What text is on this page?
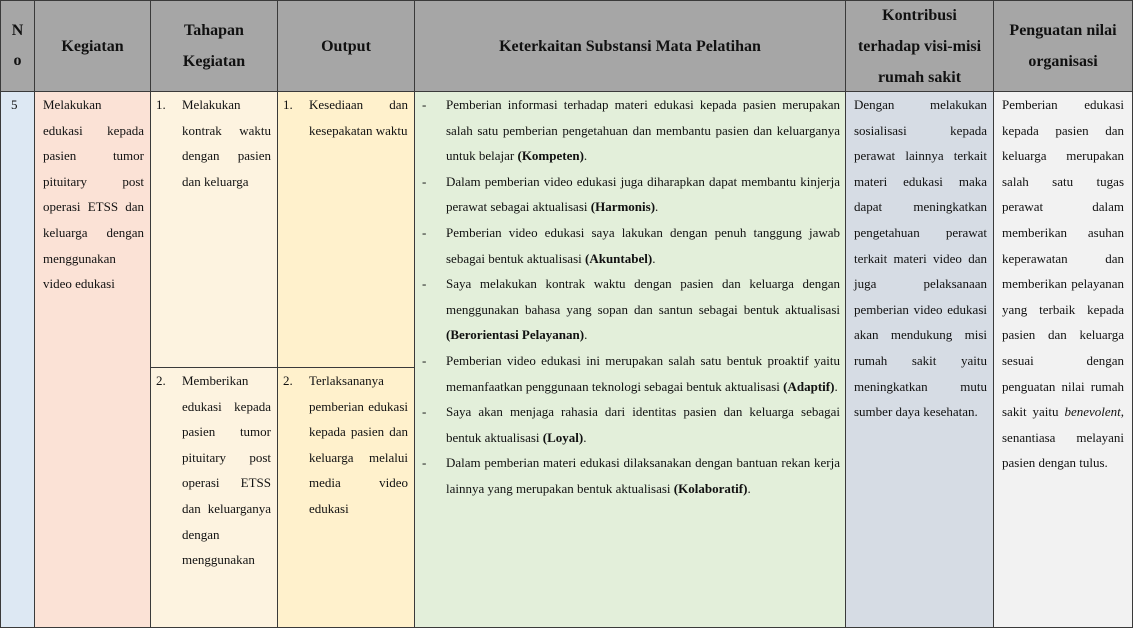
No
Kegiatan
Tahapan Kegiatan
Output	Keterkaitan Substansi Mata Pelatihan
Kontribusi terhadap visi-misi rumah sakit
Penguatan nilai organisasi
5 Melakukan edukasi kepada pasien tumor pituitary post operasi ETSS dan keluarga dengan menggunakan video edukasi
1. Melakukan kontrak waktu dengan pasien dan keluarga
2. Memberikan edukasi kepada pasien tumor pituitary post operasi ETSS dan keluarganya dengan menggunakan
1. Kesediaan dan kesepakatan waktu
2. Terlaksananya pemberian edukasi kepada pasien dan keluarga melalui media video edukasi
- Pemberian informasi terhadap materi edukasi kepada pasien merupakan salah satu pemberian pengetahuan dan membantu pasien dan keluarganya untuk belajar (Kompeten).
- Dalam pemberian video edukasi juga diharapkan dapat membantu kinjerja perawat sebagai aktualisasi (Harmonis).
- Pemberian video edukasi saya lakukan dengan penuh tanggung jawab sebagai bentuk aktualisasi (Akuntabel).
- Saya melakukan kontrak waktu dengan pasien dan keluarga dengan menggunakan bahasa yang sopan dan santun sebagai bentuk aktualisasi (Berorientasi Pelayanan).
- Pemberian video edukasi ini merupakan salah satu bentuk proaktif yaitu memanfaatkan penggunaan teknologi sebagai bentuk aktualisasi (Adaptif).
- Saya akan menjaga rahasia dari identitas pasien dan keluarga sebagai bentuk aktualisasi (Loyal).
- Dalam pemberian materi edukasi dilaksanakan dengan bantuan rekan kerja lainnya yang merupakan bentuk aktualisasi (Kolaboratif).
Dengan melakukan sosialisasi kepada perawat lainnya terkait materi edukasi maka dapat meningkatkan pengetahuan perawat terkait materi video dan juga pelaksanaan pemberian video edukasi akan mendukung misi rumah sakit yaitu meningkatkan mutu sumber daya kesehatan.
Pemberian edukasi kepada pasien dan keluarga merupakan salah satu tugas perawat dalam memberikan asuhan keperawatan dan memberikan pelayanan yang terbaik kepada pasien dan keluarga sesuai dengan penguatan nilai rumah sakit yaitu benevolent, senantiasa melayani pasien dengan tulus.
